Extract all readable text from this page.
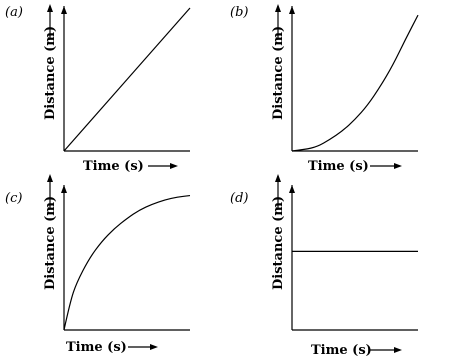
(a)
Distance (m)
Time (s)
(b)
Distance (m)
Time (s)
(c) Distance (m)
Time (s)
(d) Distance (m)
Time (s)
